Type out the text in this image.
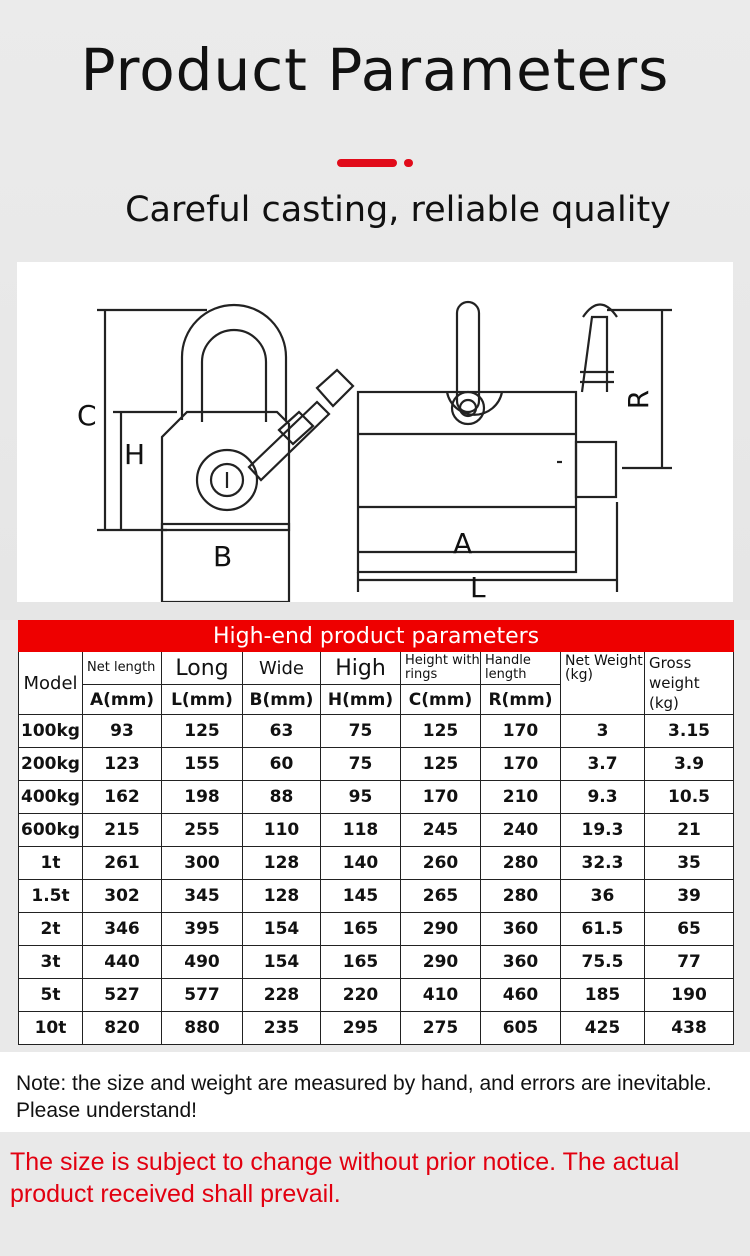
Product Parameters
Careful casting, reliable quality
C
H
B	A
L
R
High-end product parameters								
Model	Net length	Long	Wide	High	Height with rings	Handle length	Net Weight (kg)	Gross weight (kg)
	A(mm)	L(mm)	B(mm)	H(mm)	C(mm)	R(mm)		
100kg	93	125	63	75	125	170	3	3.15
200kg	123	155	60	75	125	170	3.7	3.9
400kg	162	198	88	95	170	210	9.3	10.5
600kg	215	255	110	118	245	240	19.3	21
1t	261	300	128	140	260	280	32.3	35
1.5t	302	345	128	145	265	280	36	39
2t	346	395	154	165	290	360	61.5	65
3t	440	490	154	165	290	360	75.5	77
5t	527	577	228	220	410	460	185	190
10t	820	880	235	295	275	605	425	438
Note: the size and weight are measured by hand, and errors are inevitable. Please understand!
The size is subject to change without prior notice. The actual product received shall prevail.
